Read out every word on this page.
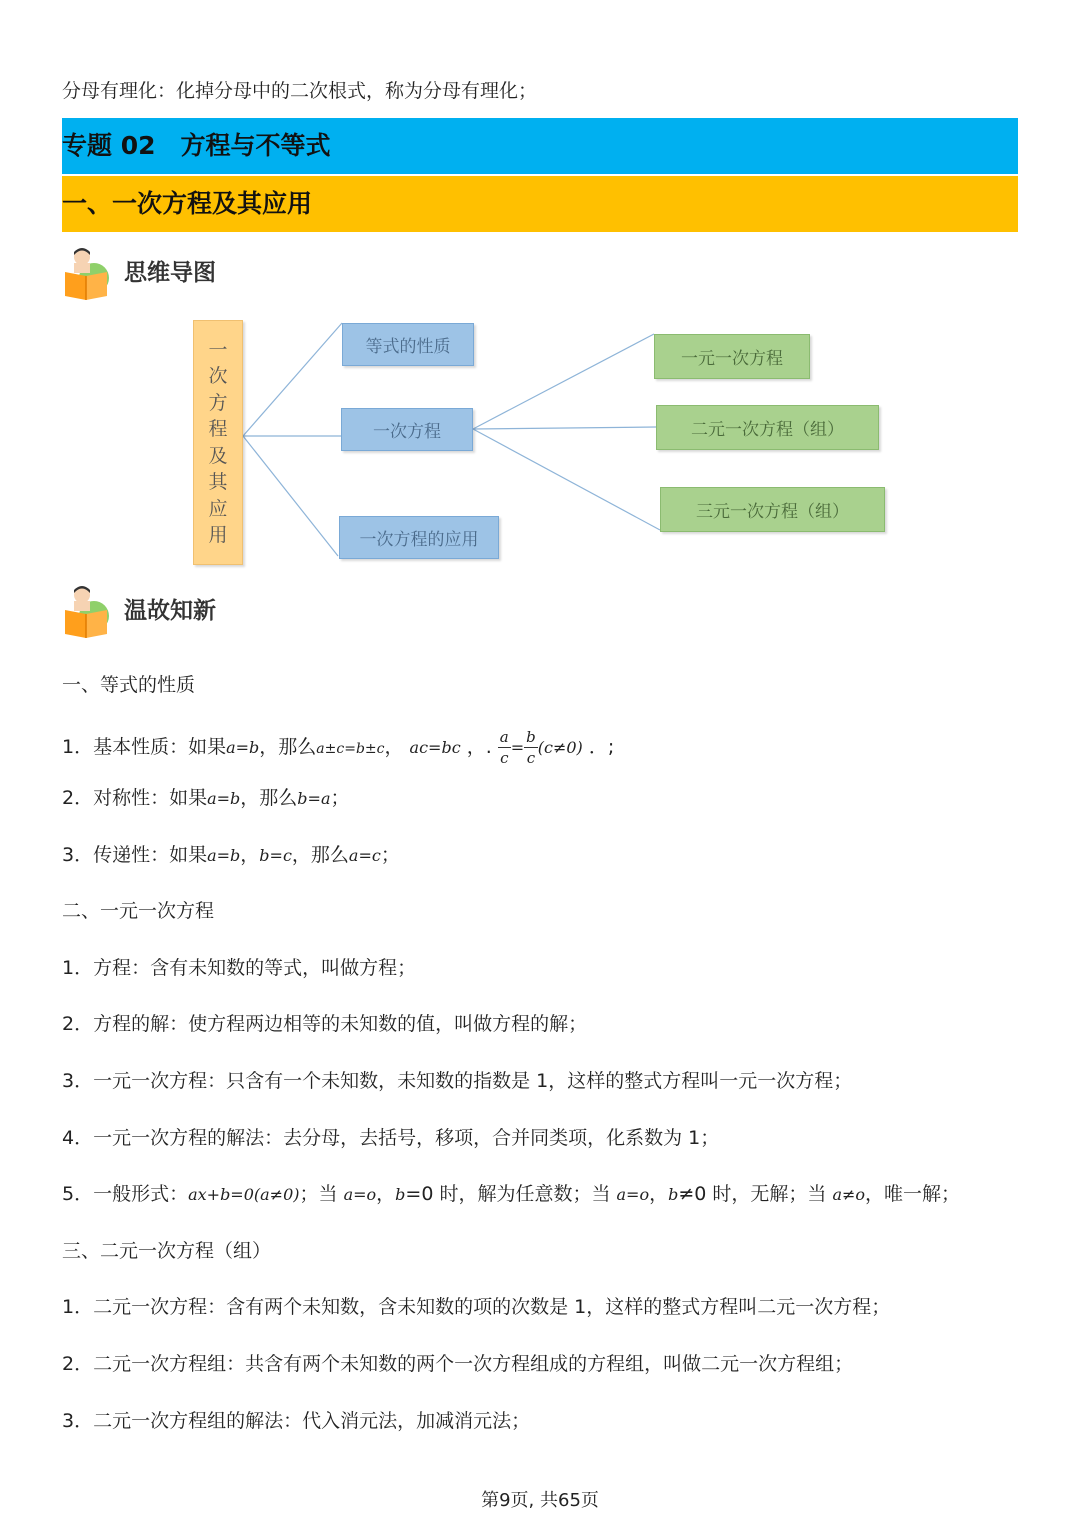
分母有理化：化掉分母中的二次根式，称为分母有理化；
专题 02　方程与不等式
一、一次方程及其应用
思维导图
一
次
方
程
及
其
应
用
等式的性质
一次方程
一次方程的应用
一元一次方程
二元一次方程（组）
三元一次方程（组）
温故知新
一、等式的性质
1．基本性质：如果a=b，那么a±c=b±c， ac=bc ，. $\frac{a}{c} = \frac{b}{c} (c\ne 0)$ ．;
2．对称性：如果a=b，那么b=a；
3．传递性：如果a=b，b=c，那么a=c；
二、一元一次方程
1．方程：含有未知数的等式，叫做方程；
2．方程的解：使方程两边相等的未知数的值，叫做方程的解；
3．一元一次方程：只含有一个未知数，未知数的指数是 1，这样的整式方程叫一元一次方程；
4．一元一次方程的解法：去分母，去括号，移项，合并同类项，化系数为 1；
5．一般形式：ax+b=0(a≠0)；当 a=o，b=0 时，解为任意数；当 a=o，b≠0 时，无解；当 a≠o，唯一解；
三、二元一次方程（组）
1．二元一次方程：含有两个未知数，含未知数的项的次数是 1，这样的整式方程叫二元一次方程；
2．二元一次方程组：共含有两个未知数的两个一次方程组成的方程组，叫做二元一次方程组；
3．二元一次方程组的解法：代入消元法，加减消元法；
第9页, 共65页
